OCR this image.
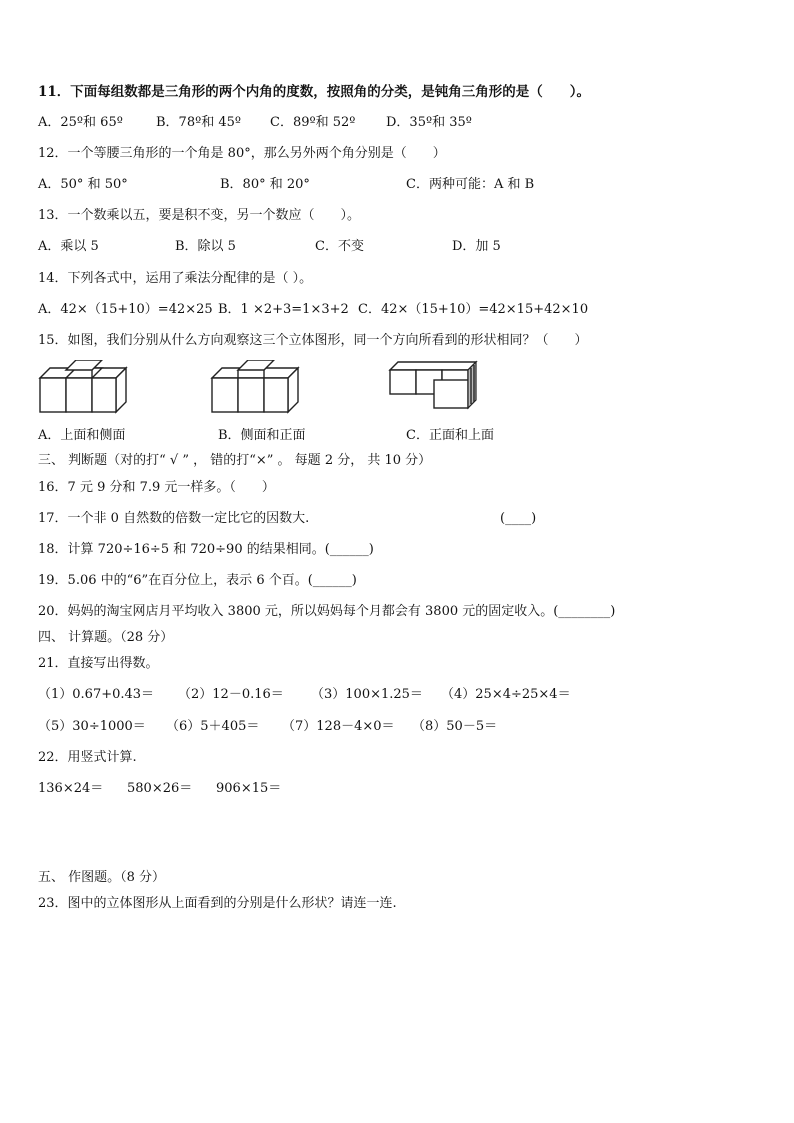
11．下面每组数都是三角形的两个内角的度数，按照角的分类，是钝角三角形的是（　　）。
A．25º和 65º	B．78º和 45º C．89º和 52º D．35º和 35º
12．一个等腰三角形的一个角是 80°，那么另外两个角分别是（　　）
A．50° 和 50°	B．80° 和 20°	C．两种可能：A 和 B
13．一个数乘以五，要是积不变，另一个数应（　　）。
A．乘以 5	B．除以 5	C．不变	D．加 5
14．下列各式中，运用了乘法分配律的是（ ）。
A．42×（15+10）=42×25 B．1 ×2+3=1×3+2 C．42×（15+10）=42×15+42×10
15．如图，我们分别从什么方向观察这三个立体图形，同一个方向所看到的形状相同？（　　）
A．上面和侧面	B．侧面和正面	C．正面和上面
三、 判断题（对的打“ √ ” ， 错的打“×” 。 每题 2 分， 共 10 分）
16．7 元 9 分和 7.9 元一样多。（　　）
17．一个非 0 自然数的倍数一定比它的因数大.	(____)
18．计算 720÷16÷5 和 720÷90 的结果相同。(______)
19．5.06 中的“6”在百分位上，表示 6 个百。(______)
20．妈妈的淘宝网店月平均收入 3800 元，所以妈妈每个月都会有 3800 元的固定收入。(________)
四、 计算题。（28 分）
21．直接写出得数。
（1）0.67+0.43＝ （2）12－0.16＝ （3）100×1.25＝ （4）25×4÷25×4＝
（5）30÷1000＝ （6）5＋405＝ （7）128－4×0＝ （8）50－5＝
22．用竖式计算.
136×24＝ 580×26＝ 906×15＝
五、 作图题。（8 分）
23．图中的立体图形从上面看到的分别是什么形状？请连一连.
